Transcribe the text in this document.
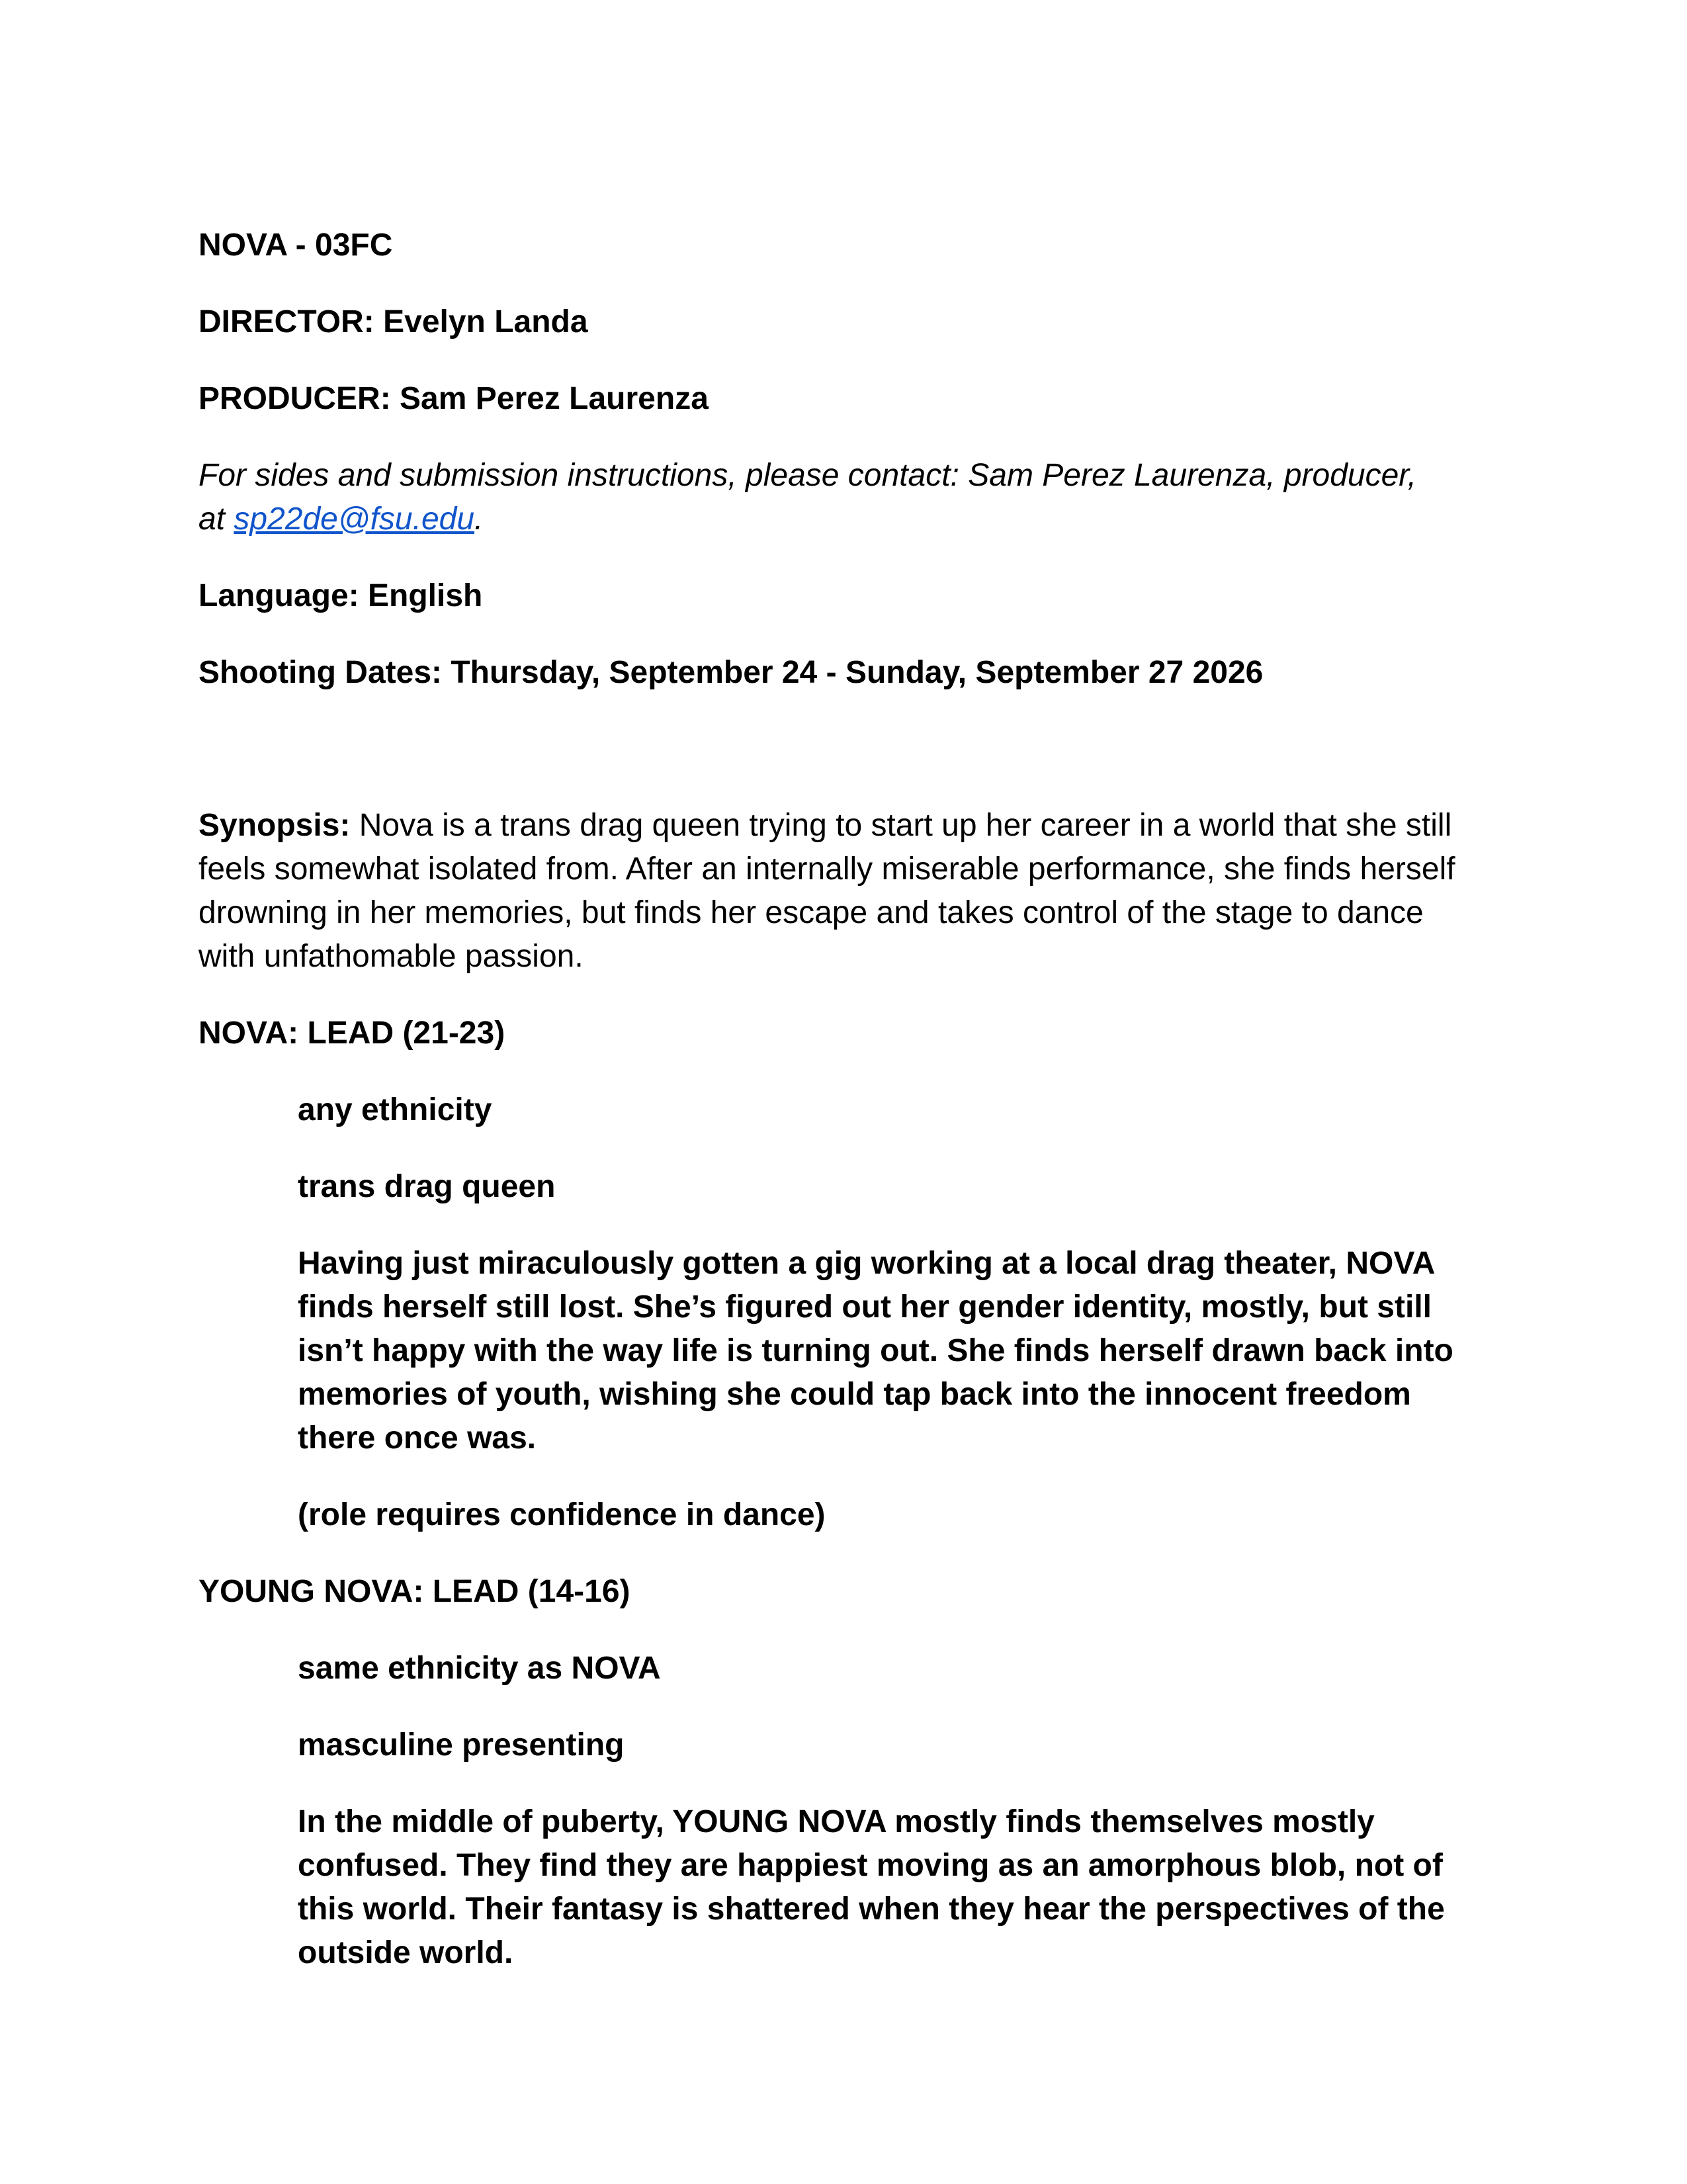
NOVA - 03FC

DIRECTOR: Evelyn Landa

PRODUCER: Sam Perez Laurenza

For sides and submission instructions, please contact: Sam Perez Laurenza, producer,
at sp22de@fsu.edu.

Language: English

Shooting Dates: Thursday, September 24 - Sunday, September 27 2026

Synopsis: Nova is a trans drag queen trying to start up her career in a world that she still feels somewhat isolated from. After an internally miserable performance, she finds herself drowning in her memories, but finds her escape and takes control of the stage to dance with unfathomable passion.

NOVA: LEAD (21-23)

any ethnicity

trans drag queen

Having just miraculously gotten a gig working at a local drag theater, NOVA finds herself still lost. She’s figured out her gender identity, mostly, but still isn’t happy with the way life is turning out. She finds herself drawn back into memories of youth, wishing she could tap back into the innocent freedom there once was.

(role requires confidence in dance)

YOUNG NOVA: LEAD (14-16)

same ethnicity as NOVA

masculine presenting

In the middle of puberty, YOUNG NOVA mostly finds themselves mostly confused. They find they are happiest moving as an amorphous blob, not of this world. Their fantasy is shattered when they hear the perspectives of the outside world.
